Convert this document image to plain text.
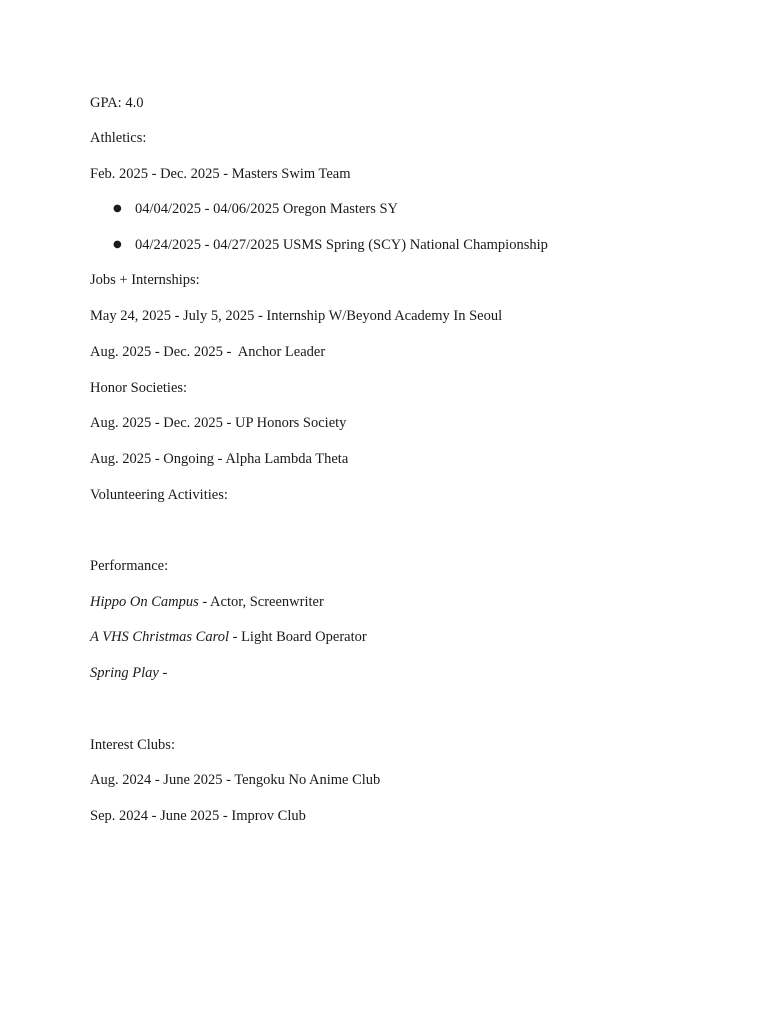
GPA: 4.0
Athletics:
Feb. 2025 - Dec. 2025 - Masters Swim Team
● 04/04/2025 - 04/06/2025 Oregon Masters SY
● 04/24/2025 - 04/27/2025 USMS Spring (SCY) National Championship
Jobs + Internships:
May 24, 2025 - July 5, 2025 - Internship W/Beyond Academy In Seoul
Aug. 2025 - Dec. 2025 -  Anchor Leader
Honor Societies:
Aug. 2025 - Dec. 2025 - UP Honors Society
Aug. 2025 - Ongoing - Alpha Lambda Theta
Volunteering Activities:
Performance:
Hippo On Campus - Actor, Screenwriter
A VHS Christmas Carol - Light Board Operator
Spring Play -
Interest Clubs:
Aug. 2024 - June 2025 - Tengoku No Anime Club
Sep. 2024 - June 2025 - Improv Club
